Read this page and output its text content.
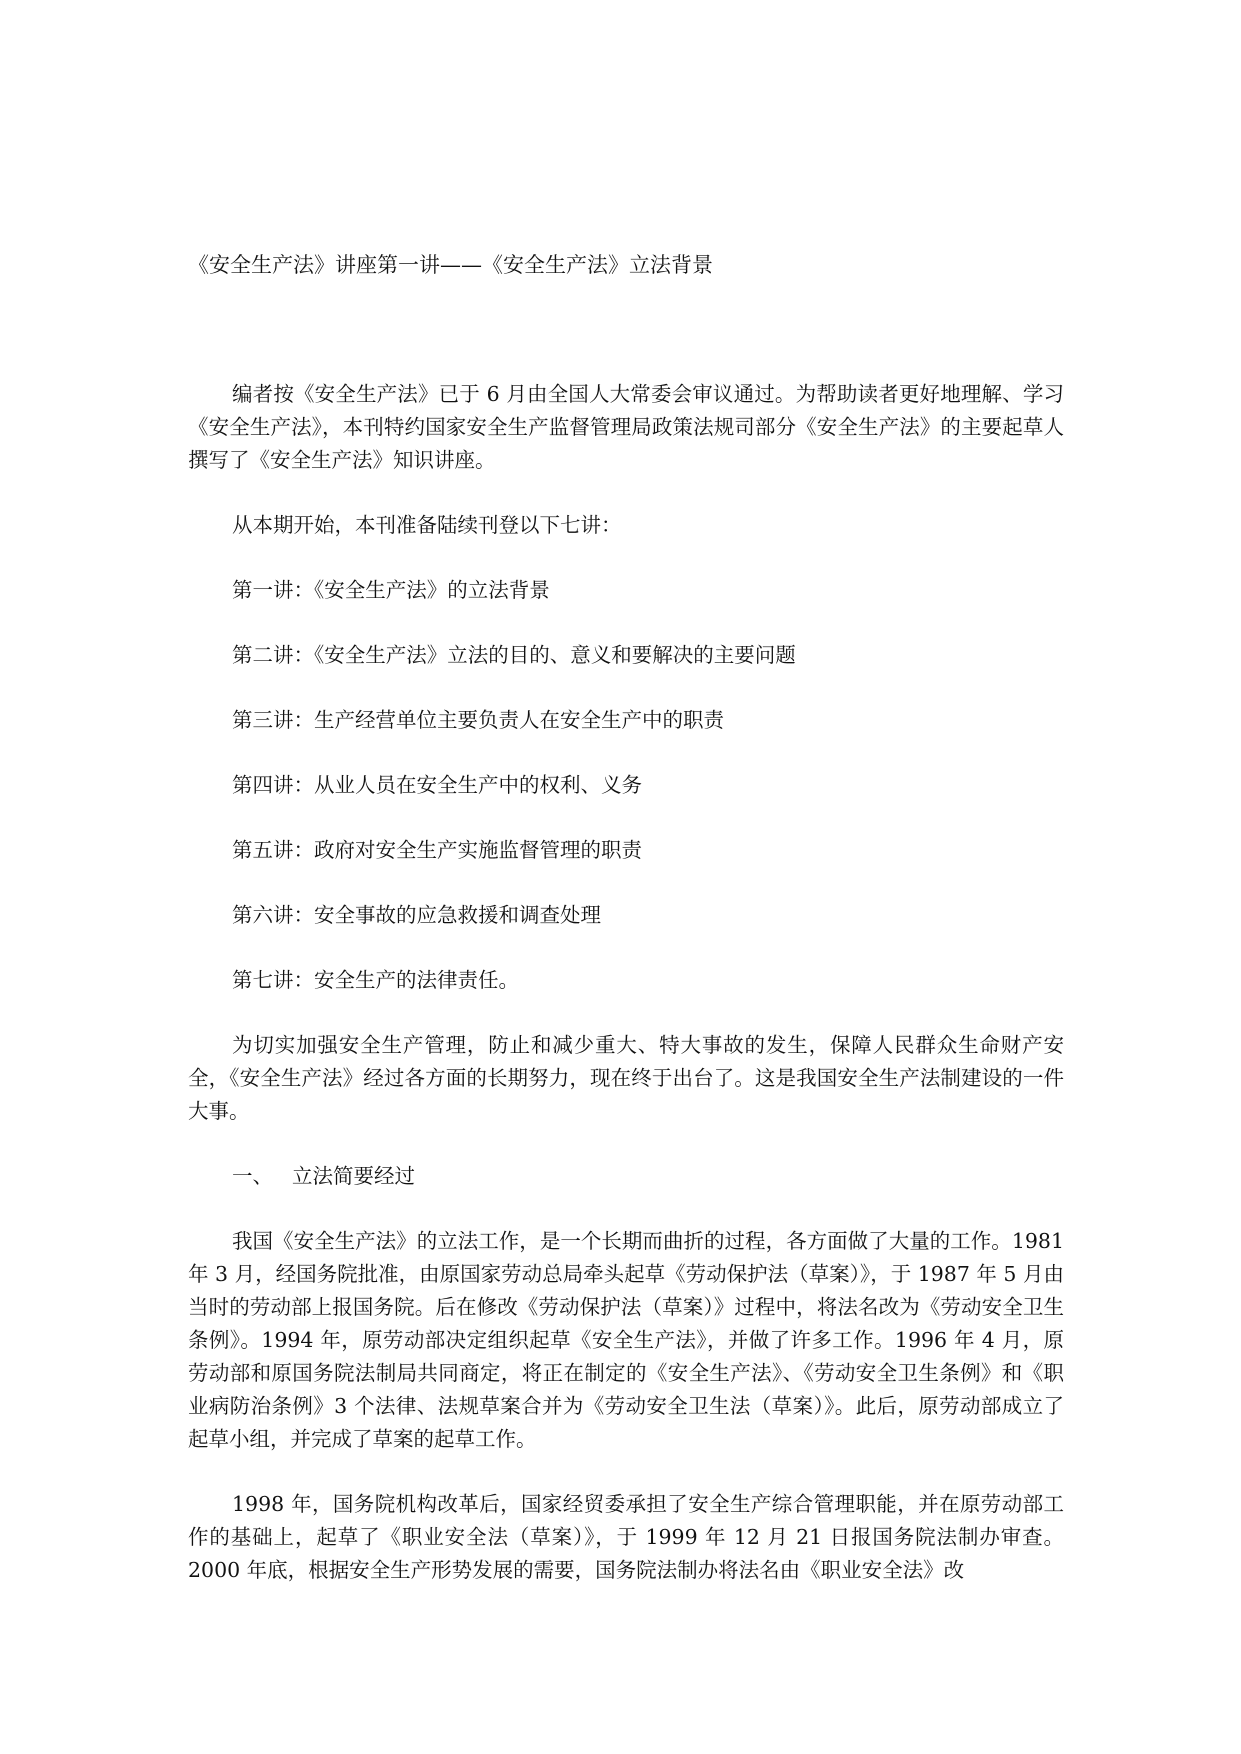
《安全生产法》讲座第一讲——《安全生产法》立法背景

编者按《安全生产法》已于 6 月由全国人大常委会审议通过。为帮助读者更好地理解、学习《安全生产法》，本刊特约国家安全生产监督管理局政策法规司部分《安全生产法》的主要起草人撰写了《安全生产法》知识讲座。

从本期开始，本刊准备陆续刊登以下七讲：

第一讲：《安全生产法》的立法背景

第二讲：《安全生产法》立法的目的、意义和要解决的主要问题

第三讲：生产经营单位主要负责人在安全生产中的职责

第四讲：从业人员在安全生产中的权利、义务

第五讲：政府对安全生产实施监督管理的职责

第六讲：安全事故的应急救援和调查处理

第七讲：安全生产的法律责任。

为切实加强安全生产管理，防止和减少重大、特大事故的发生，保障人民群众生命财产安全，《安全生产法》经过各方面的长期努力，现在终于出台了。这是我国安全生产法制建设的一件大事。

一、 立法简要经过

我国《安全生产法》的立法工作，是一个长期而曲折的过程，各方面做了大量的工作。1981 年 3 月，经国务院批准，由原国家劳动总局牵头起草《劳动保护法（草案）》，于 1987 年 5 月由当时的劳动部上报国务院。后在修改《劳动保护法（草案）》过程中，将法名改为《劳动安全卫生条例》。1994 年，原劳动部决定组织起草《安全生产法》，并做了许多工作。1996 年 4 月，原劳动部和原国务院法制局共同商定，将正在制定的《安全生产法》、《劳动安全卫生条例》和《职业病防治条例》3 个法律、法规草案合并为《劳动安全卫生法（草案）》。此后，原劳动部成立了起草小组，并完成了草案的起草工作。

1998 年，国务院机构改革后，国家经贸委承担了安全生产综合管理职能，并在原劳动部工作的基础上，起草了《职业安全法（草案）》，于 1999 年 12 月 21 日报国务院法制办审查。2000 年底，根据安全生产形势发展的需要，国务院法制办将法名由《职业安全法》改
